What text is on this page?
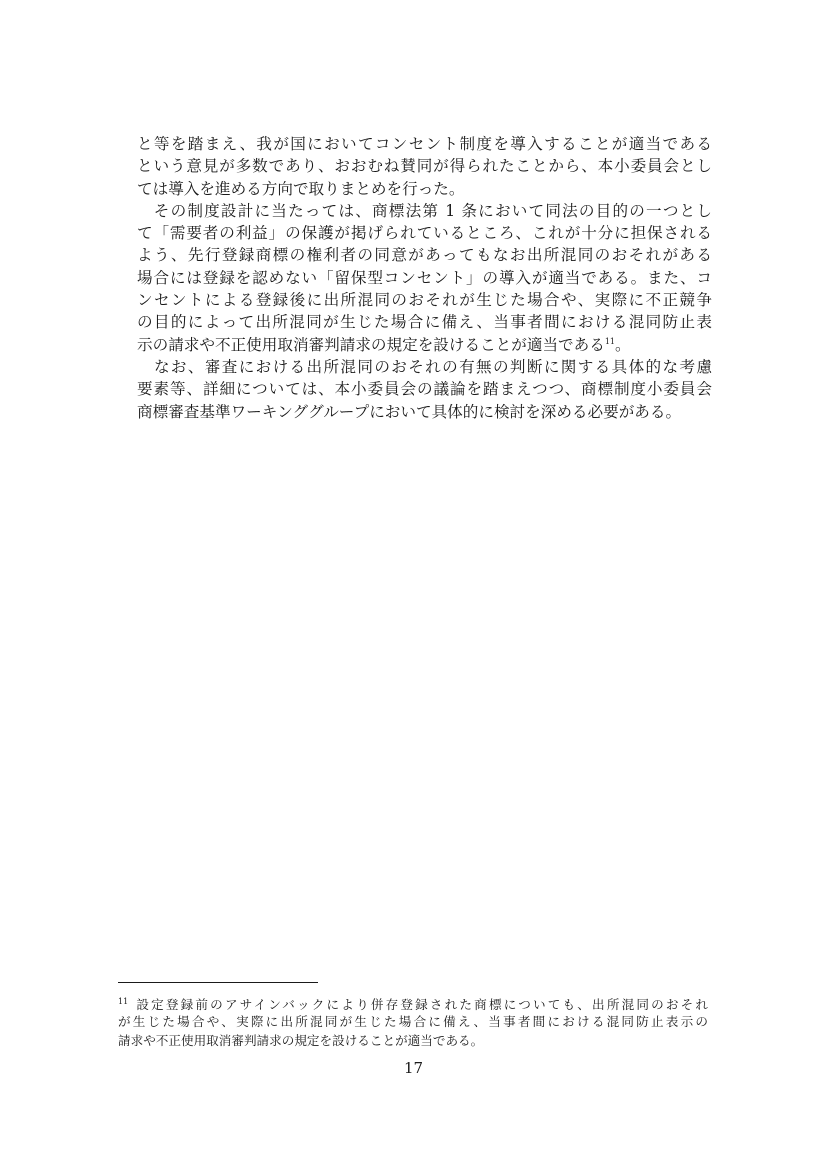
と等を踏まえ、我が国においてコンセント制度を導入することが適当である
という意見が多数であり、おおむね賛同が得られたことから、本小委員会とし
ては導入を進める方向で取りまとめを行った。
　その制度設計に当たっては、商標法第 1 条において同法の目的の一つとし
て「需要者の利益」の保護が掲げられているところ、これが十分に担保される
よう、先行登録商標の権利者の同意があってもなお出所混同のおそれがある
場合には登録を認めない「留保型コンセント」の導入が適当である。また、コ
ンセントによる登録後に出所混同のおそれが生じた場合や、実際に不正競争
の目的によって出所混同が生じた場合に備え、当事者間における混同防止表
示の請求や不正使用取消審判請求の規定を設けることが適当である$^{11}$。
　なお、審査における出所混同のおそれの有無の判断に関する具体的な考慮
要素等、詳細については、本小委員会の議論を踏まえつつ、商標制度小委員会
商標審査基準ワーキンググループにおいて具体的に検討を深める必要がある。
$^{11}$ 設定登録前のアサインバックにより併存登録された商標についても、出所混同のおそれ
が生じた場合や、実際に出所混同が生じた場合に備え、当事者間における混同防止表示の
請求や不正使用取消審判請求の規定を設けることが適当である。
17
